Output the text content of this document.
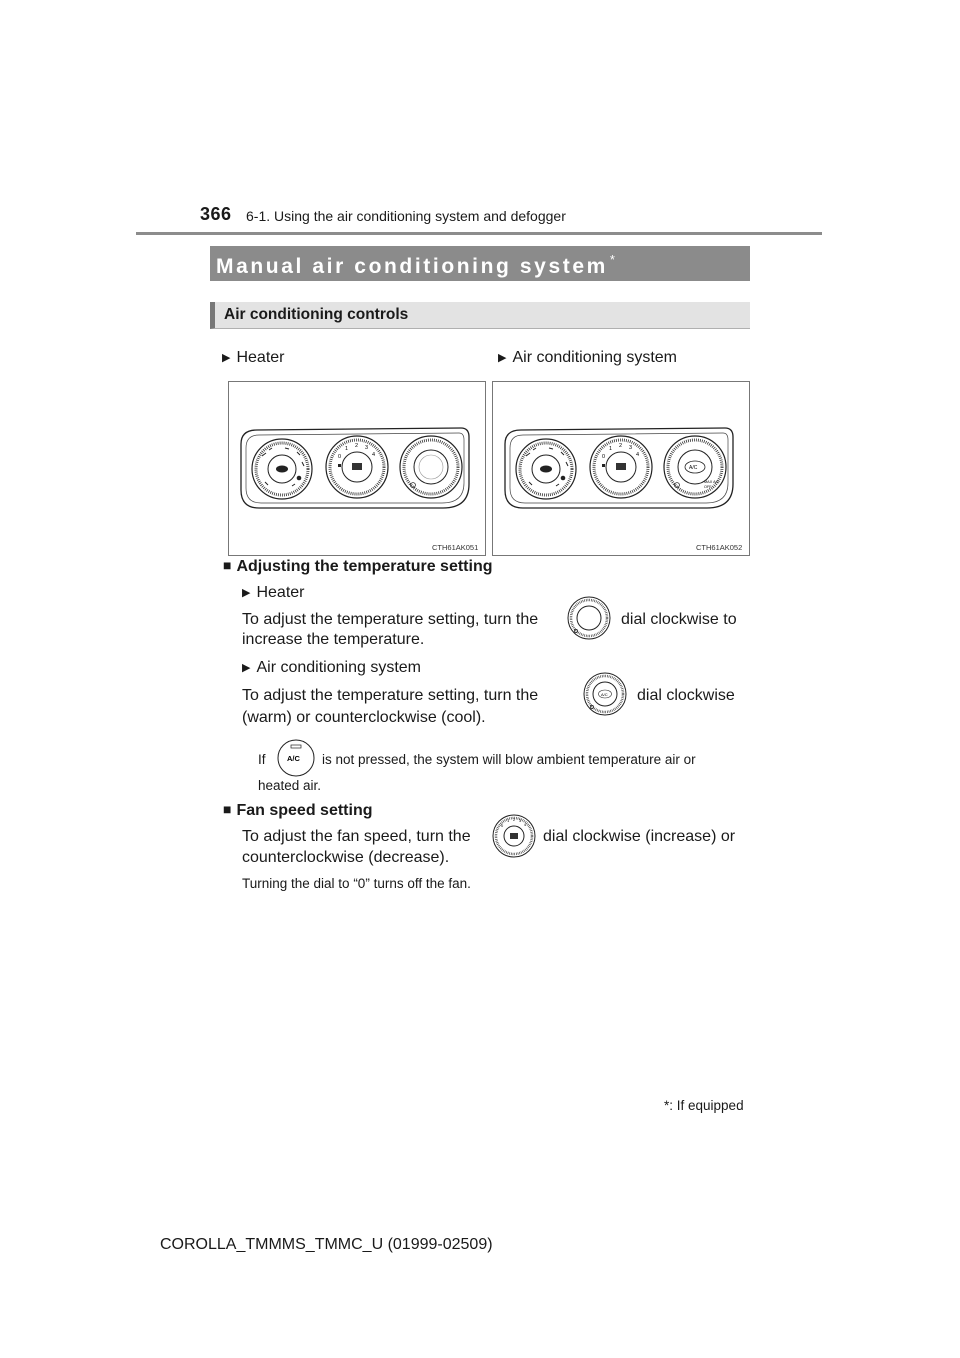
366 6-1. Using the air conditioning system and defogger
Manual air conditioning system *
Air conditioning controls
▶ Heater	▶ Air conditioning system
0
1 2 3
4
CTH61AK051
0
1 2 3
4
A/C
MAX A/C
OFF
CTH61AK052
■ Adjusting the temperature setting
▶ Heater
To adjust the temperature setting, turn the	dial clockwise to
increase the temperature.
▶ Air conditioning system
To adjust the temperature setting, turn the	A/C dial clockwise
(warm) or counterclockwise (cool).
If	A/C is not pressed, the system will blow ambient temperature air or
heated air.
■ Fan speed setting
To adjust the fan speed, turn the
0
1 2 3
4
dial clockwise (increase) or
counterclockwise (decrease).
Turning the dial to “0” turns off the fan.
*: If equipped
COROLLA_TMMMS_TMMC_U (01999-02509)
